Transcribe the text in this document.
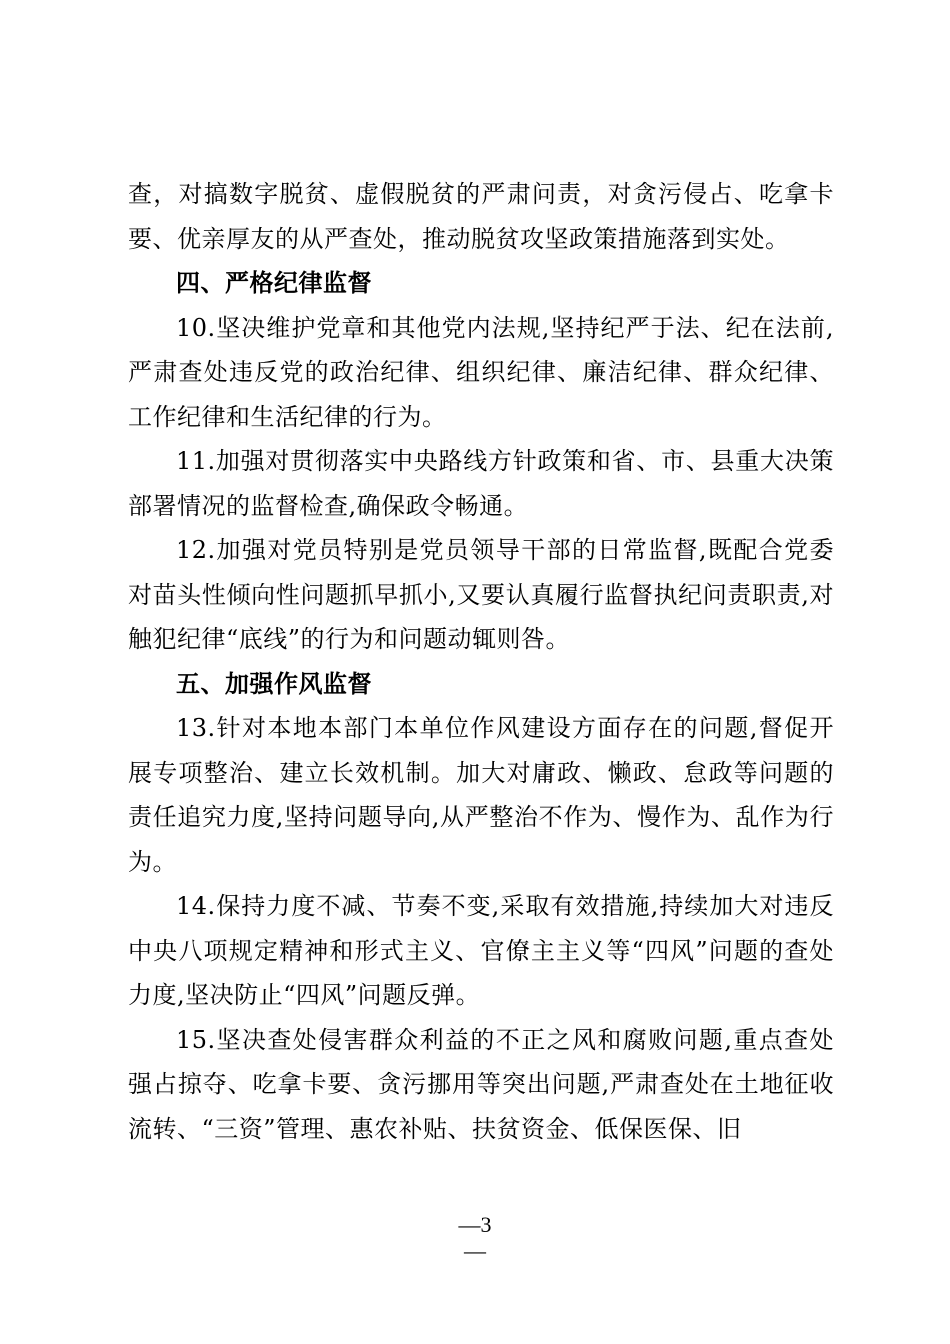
查，对搞数字脱贫、虚假脱贫的严肃问责，对贪污侵占、吃拿卡要、优亲厚友的从严查处，推动脱贫攻坚政策措施落到实处。

四、严格纪律监督

10.坚决维护党章和其他党内法规,坚持纪严于法、纪在法前,严肃查处违反党的政治纪律、组织纪律、廉洁纪律、群众纪律、工作纪律和生活纪律的行为。

11.加强对贯彻落实中央路线方针政策和省、市、县重大决策部署情况的监督检查,确保政令畅通。

12.加强对党员特别是党员领导干部的日常监督,既配合党委对苗头性倾向性问题抓早抓小,又要认真履行监督执纪问责职责,对触犯纪律“底线”的行为和问题动辄则咎。

五、加强作风监督

13.针对本地本部门本单位作风建设方面存在的问题,督促开展专项整治、建立长效机制。加大对庸政、懒政、怠政等问题的责任追究力度,坚持问题导向,从严整治不作为、慢作为、乱作为行为。

14.保持力度不减、节奏不变,采取有效措施,持续加大对违反中央八项规定精神和形式主义、官僚主主义等“四风”问题的查处力度,坚决防止“四风”问题反弹。

15.坚决查处侵害群众利益的不正之风和腐败问题,重点查处强占掠夺、吃拿卡要、贪污挪用等突出问题,严肃查处在土地征收流转、“三资”管理、惠农补贴、扶贫资金、低保医保、旧

—3
—
